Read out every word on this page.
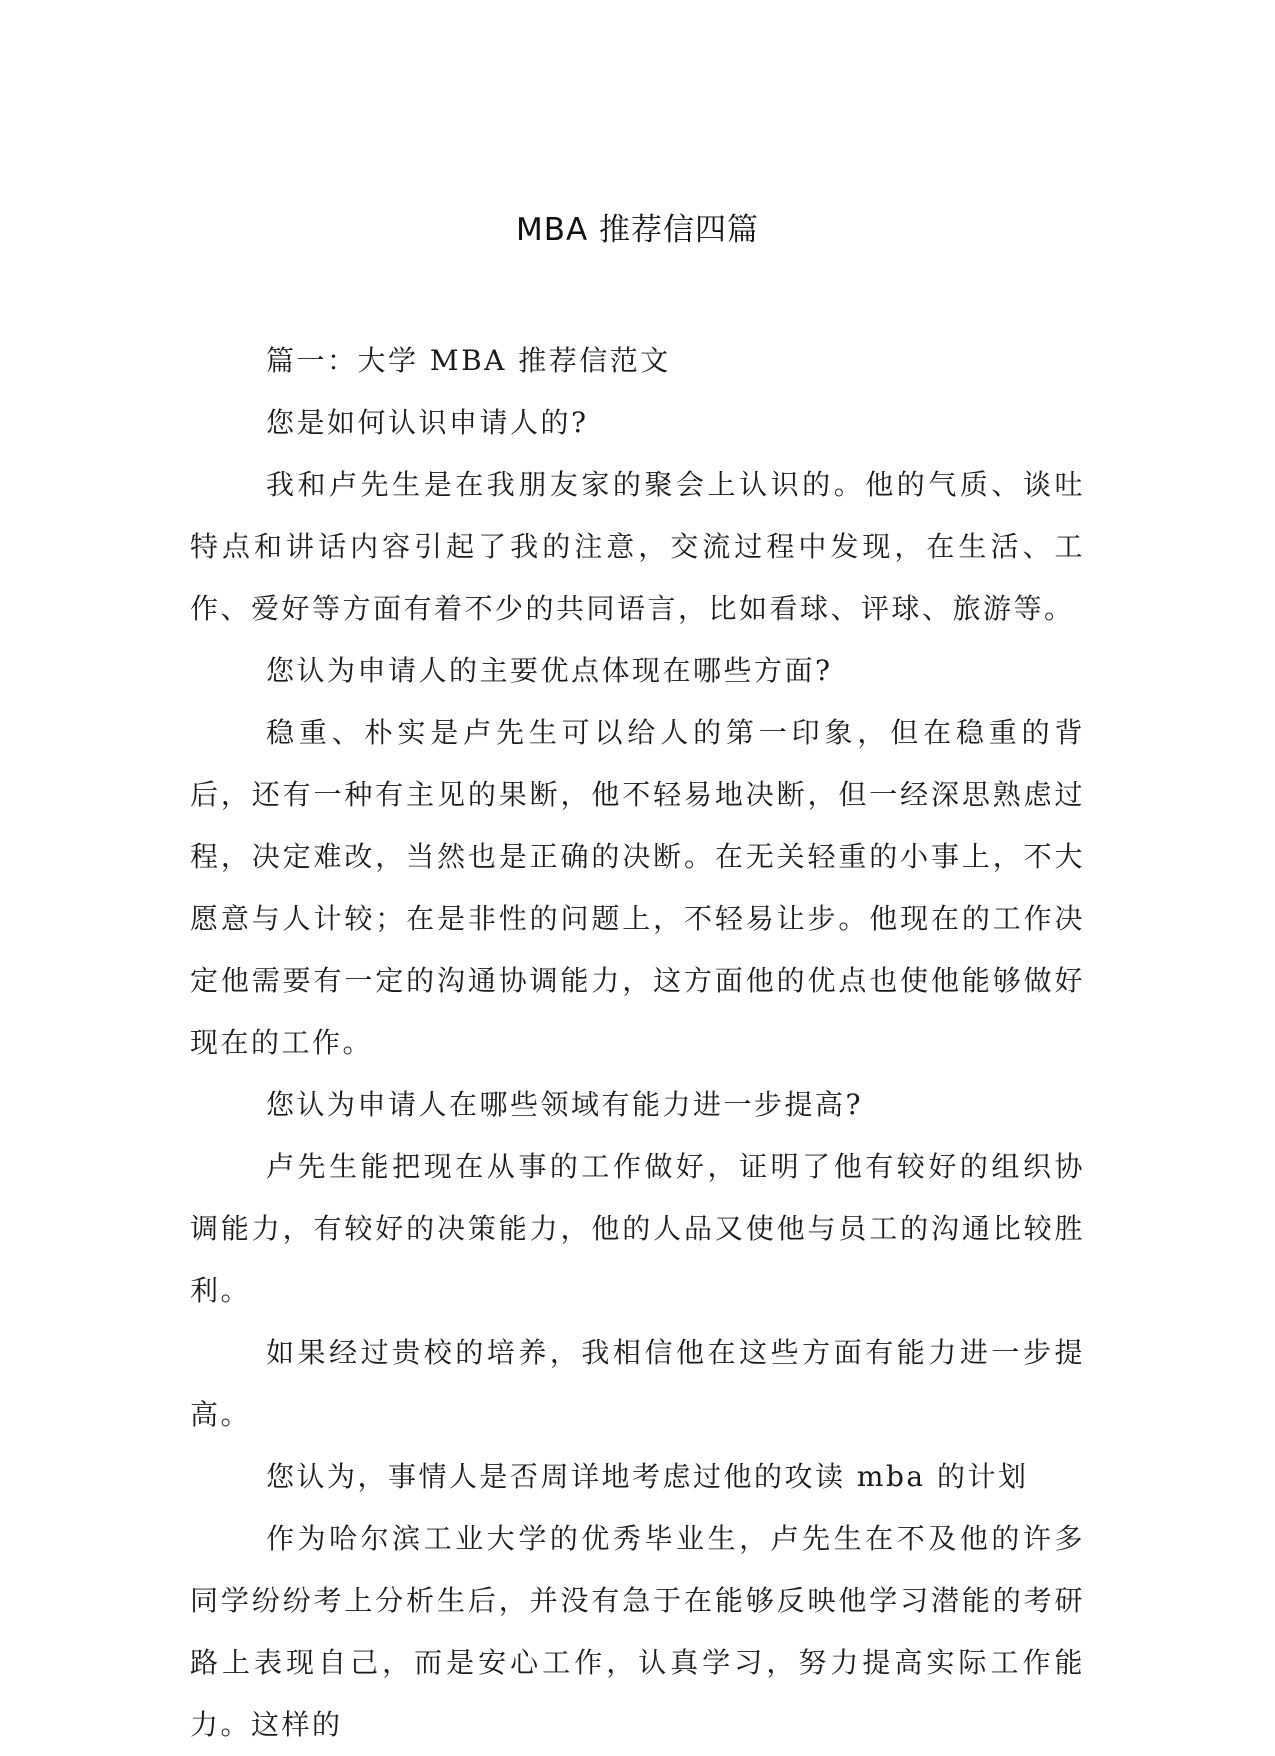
MBA 推荐信四篇

篇一：大学 MBA 推荐信范文

您是如何认识申请人的?

我和卢先生是在我朋友家的聚会上认识的。他的气质、谈吐特点和讲话内容引起了我的注意，交流过程中发现，在生活、工作、爱好等方面有着不少的共同语言，比如看球、评球、旅游等。

您认为申请人的主要优点体现在哪些方面?

稳重、朴实是卢先生可以给人的第一印象，但在稳重的背后，还有一种有主见的果断，他不轻易地决断，但一经深思熟虑过程，决定难改，当然也是正确的决断。在无关轻重的小事上，不大愿意与人计较；在是非性的问题上，不轻易让步。他现在的工作决定他需要有一定的沟通协调能力，这方面他的优点也使他能够做好现在的工作。

您认为申请人在哪些领域有能力进一步提高?

卢先生能把现在从事的工作做好，证明了他有较好的组织协调能力，有较好的决策能力，他的人品又使他与员工的沟通比较胜利。

如果经过贵校的培养，我相信他在这些方面有能力进一步提高。

您认为，事情人是否周详地考虑过他的攻读 mba 的计划

作为哈尔滨工业大学的优秀毕业生，卢先生在不及他的许多同学纷纷考上分析生后，并没有急于在能够反映他学习潜能的考研路上表现自己，而是安心工作，认真学习，努力提高实际工作能力。这样的
